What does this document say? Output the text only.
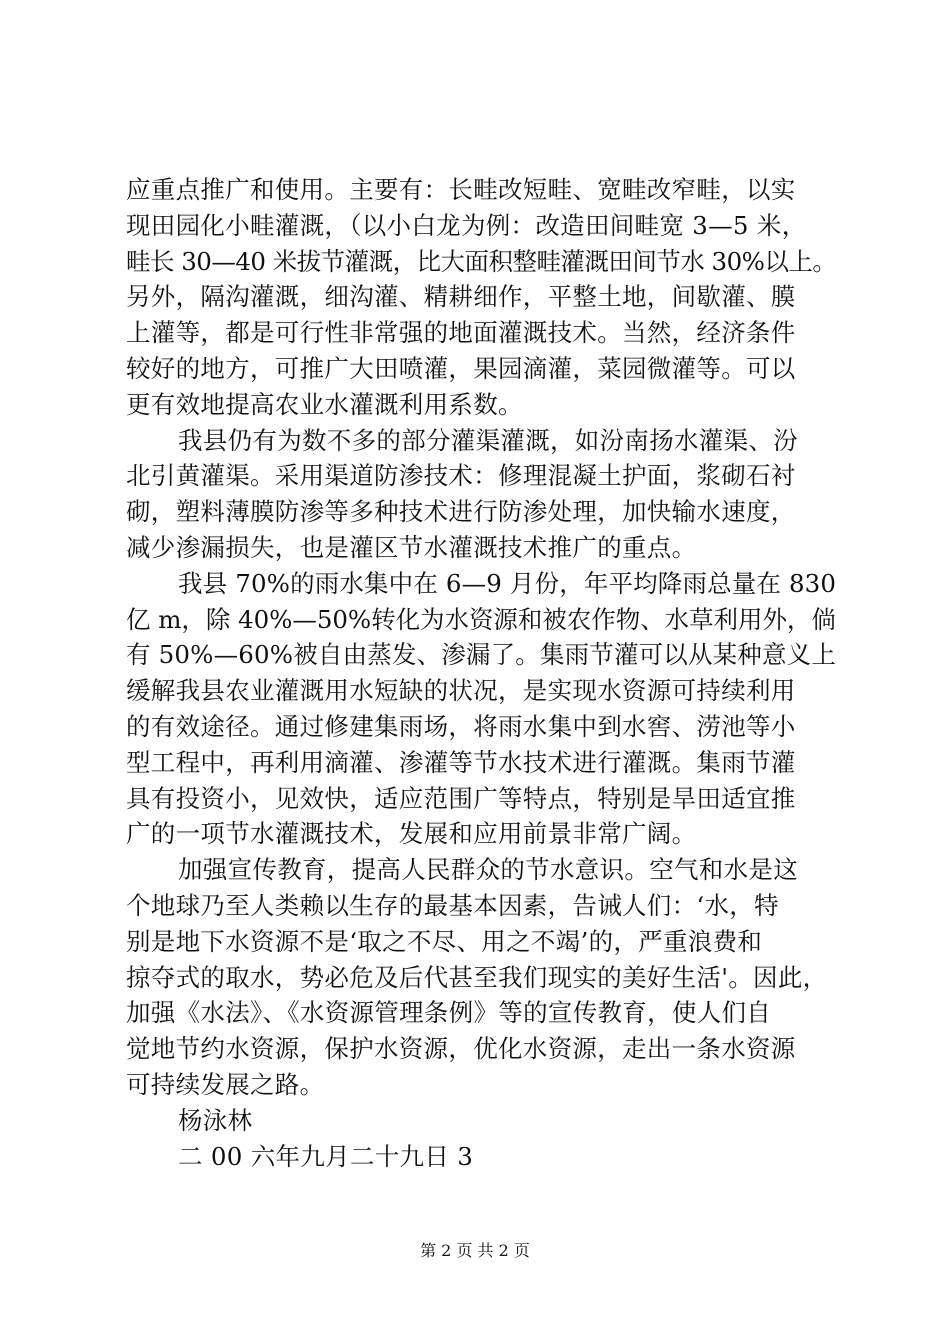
应重点推广和使用。主要有：长畦改短畦、宽畦改窄畦，以实
现田园化小畦灌溉，（以小白龙为例：改造田间畦宽 3—5 米，
畦长 30—40 米拔节灌溉，比大面积整畦灌溉田间节水 30%以上。
另外，隔沟灌溉，细沟灌、精耕细作，平整土地，间歇灌、膜
上灌等，都是可行性非常强的地面灌溉技术。当然，经济条件
较好的地方，可推广大田喷灌，果园滴灌，菜园微灌等。可以
更有效地提高农业水灌溉利用系数。
我县仍有为数不多的部分灌渠灌溉，如汾南扬水灌渠、汾
北引黄灌渠。采用渠道防渗技术：修理混凝土护面，浆砌石衬
砌，塑料薄膜防渗等多种技术进行防渗处理，加快输水速度，
减少渗漏损失，也是灌区节水灌溉技术推广的重点。
我县 70%的雨水集中在 6—9 月份，年平均降雨总量在 830
亿 m，除 40%—50%转化为水资源和被农作物、水草利用外，倘
有 50%—60%被自由蒸发、渗漏了。集雨节灌可以从某种意义上
缓解我县农业灌溉用水短缺的状况，是实现水资源可持续利用
的有效途径。通过修建集雨场，将雨水集中到水窖、涝池等小
型工程中，再利用滴灌、渗灌等节水技术进行灌溉。集雨节灌
具有投资小，见效快，适应范围广等特点，特别是旱田适宜推
广的一项节水灌溉技术，发展和应用前景非常广阔。
加强宣传教育，提高人民群众的节水意识。空气和水是这
个地球乃至人类赖以生存的最基本因素，告诫人们：‘水，特
别是地下水资源不是‘取之不尽、用之不竭’的，严重浪费和
掠夺式的取水，势必危及后代甚至我们现实的美好生活'。因此，
加强《水法》、《水资源管理条例》等的宣传教育，使人们自
觉地节约水资源，保护水资源，优化水资源，走出一条水资源
可持续发展之路。
杨泳林
二 00 六年九月二十九日 3
第 2 页 共 2 页
